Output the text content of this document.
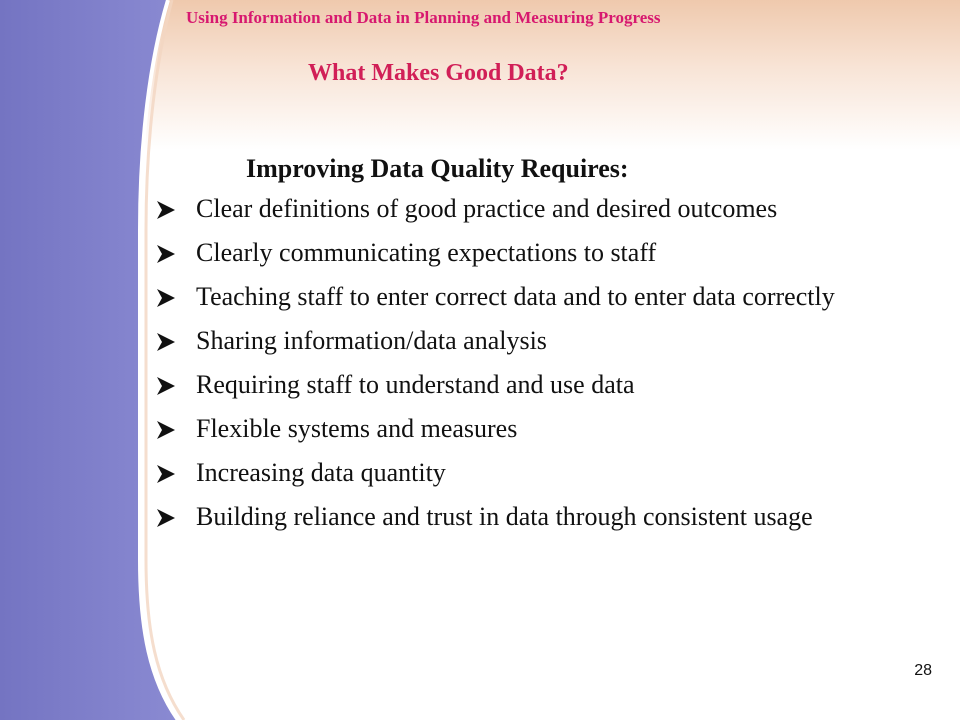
Using Information and Data in Planning and Measuring Progress
What Makes Good Data?
Improving Data Quality Requires:
Clear definitions of good practice and desired outcomes
Clearly communicating expectations to staff
Teaching staff to enter correct data and to enter data correctly
Sharing information/data analysis
Requiring staff to understand and use data
Flexible systems and measures
Increasing data quantity
Building reliance and trust in data through consistent usage
28
